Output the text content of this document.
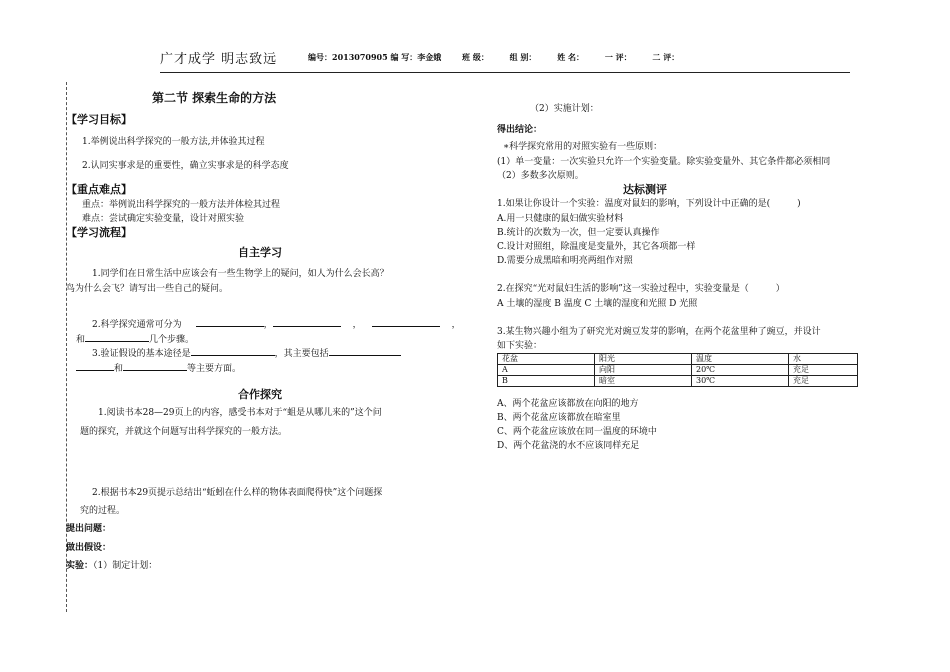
广才成学 明志致远	编号：2013070905 编 写：李金娥	班 级：	组 别：	姓 名：	一 评：	二 评：
第二节 探索生命的方法
【学习目标】
1.举例说出科学探究的一般方法,并体验其过程
2.认同实事求是的重要性，确立实事求是的科学态度
【重点难点】
重点：举例说出科学探究的一般方法并体检其过程
难点：尝试确定实验变量，设计对照实验
【学习流程】
自主学习
1.同学们在日常生活中应该会有一些生物学上的疑问，如人为什么会长高？
鸟为什么会飞？请写出一些自己的疑问。
2.科学探究通常可分为	，	，	，
和	几个步骤。
3.验证假设的基本途径是	，其主要包括
和	等主要方面。
合作探究
1.阅读书本28—29页上的内容，感受书本对于“蛆是从哪儿来的”这个问
题的探究，并就这个问题写出科学探究的一般方法。
2.根据书本29页提示总结出“蚯蚓在什么样的物体表面爬得快”这个问题探
究的过程。
提出问题：
做出假设：
实验：（1）制定计划：
（2）实施计划：
得出结论：
∗科学探究常用的对照实验有一些原则：
(1）单一变量：一次实验只允许一个实验变量。除实验变量外、其它条件都必须相同
（2）多数多次原则。
达标测评
1.如果让你设计一个实验：温度对鼠妇的影响，下列设计中正确的是(　　　)
A.用一只健康的鼠妇做实验材料
B.统计的次数为一次，但一定要认真操作
C.设计对照组，除温度是变量外，其它各项都一样
D.需要分成黑暗和明亮两组作对照
2.在探究“光对鼠妇生活的影响”这一实验过程中，实验变量是（　　　）
A 土壤的湿度 B 温度 C 土壤的湿度和光照 D 光照
3.某生物兴趣小组为了研究光对豌豆发芽的影响，在两个花盆里种了豌豆，并设计
如下实验：
花盆	阳光	温度	水
A	向阳	20℃	充足
B	暗室	30℃	充足
A、两个花盆应该都放在向阳的地方
B、两个花盆应该都放在暗室里
C、两个花盆应该放在同一温度的环境中
D、两个花盆浇的水不应该同样充足
